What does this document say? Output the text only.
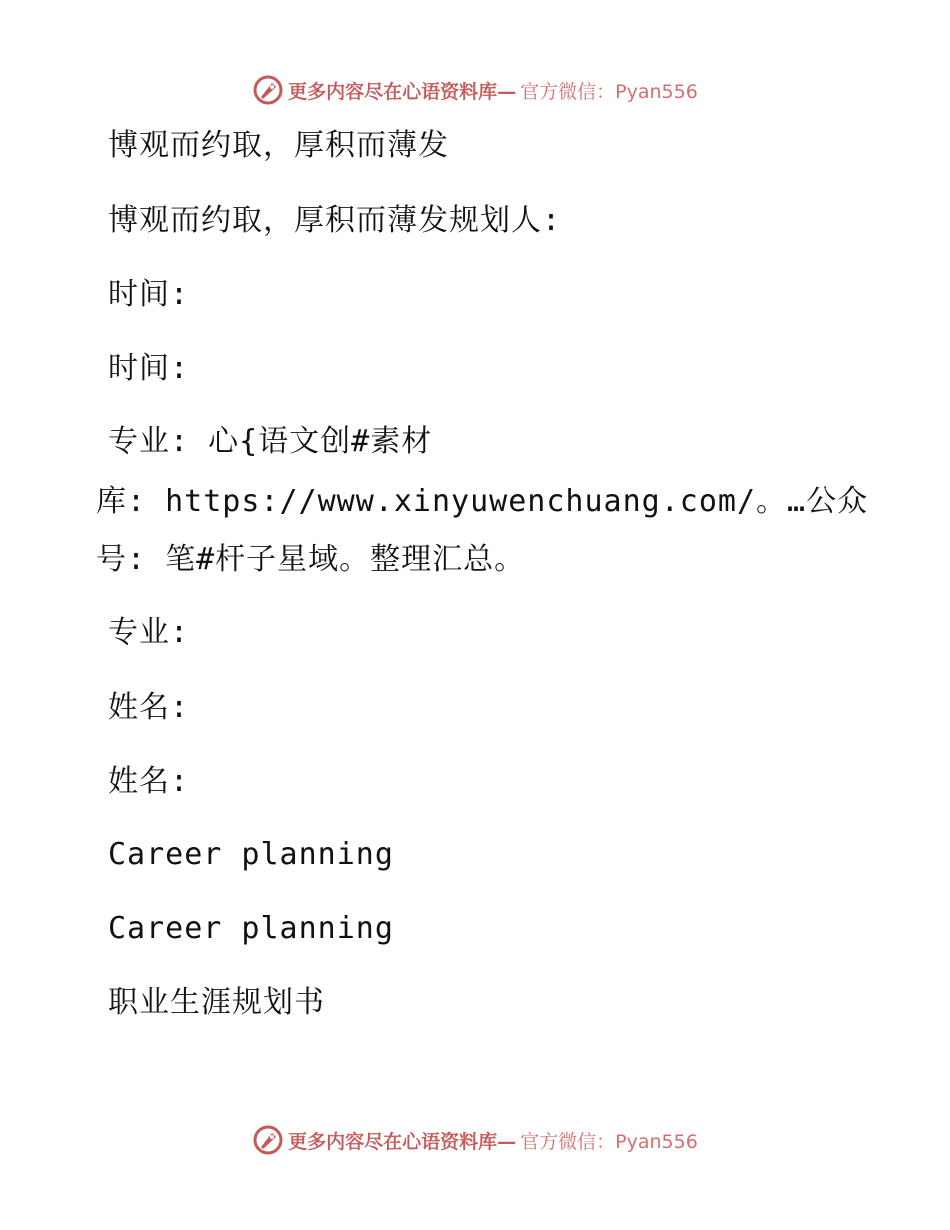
更多内容尽在心语资料库— 官方微信：Pyan556
博观而约取，厚积而薄发
博观而约取，厚积而薄发规划人:
时间:
时间:
专业: 心{语文创#素材
库: https://www.xinyuwenchuang.com/。…公众
号: 笔#杆子星域。整理汇总。
专业:
姓名:
姓名:
Career planning
Career planning
职业生涯规划书
更多内容尽在心语资料库— 官方微信：Pyan556
